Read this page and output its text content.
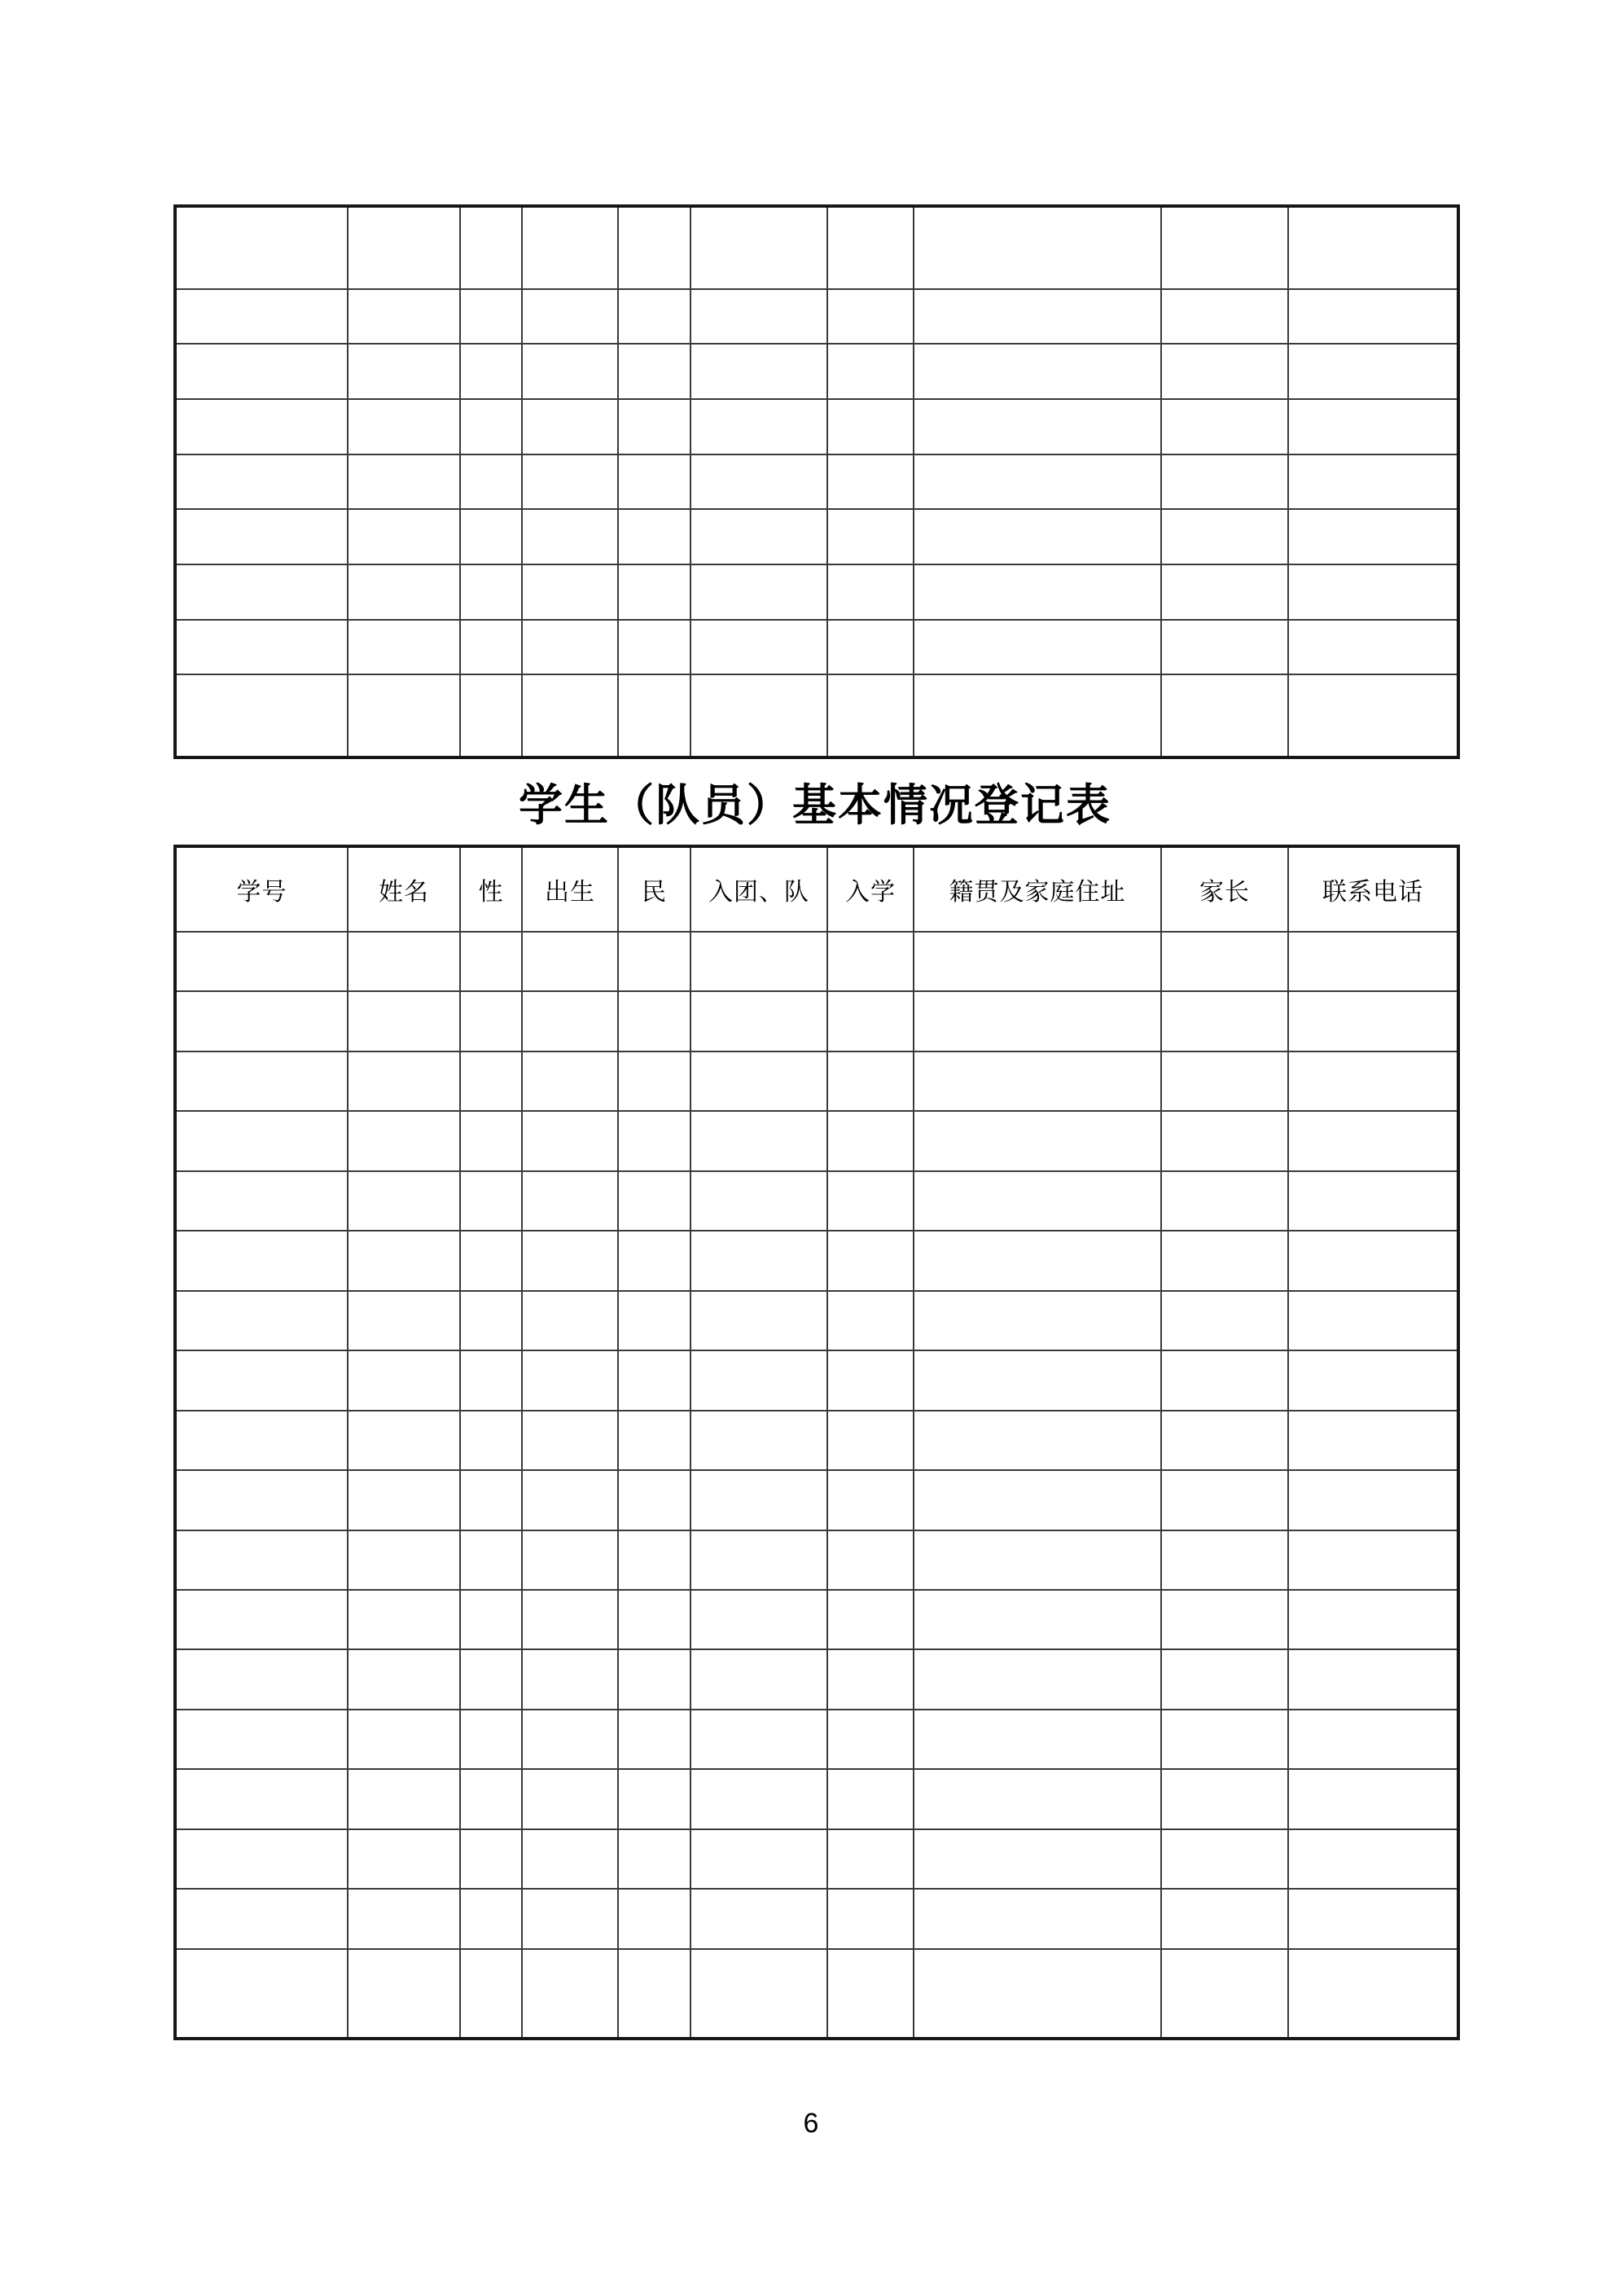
学生（队员）基本情况登记表
学号	姓名	性	出生	民	入团、队	入学	籍贯及家庭住址	家长	联系电话

6
